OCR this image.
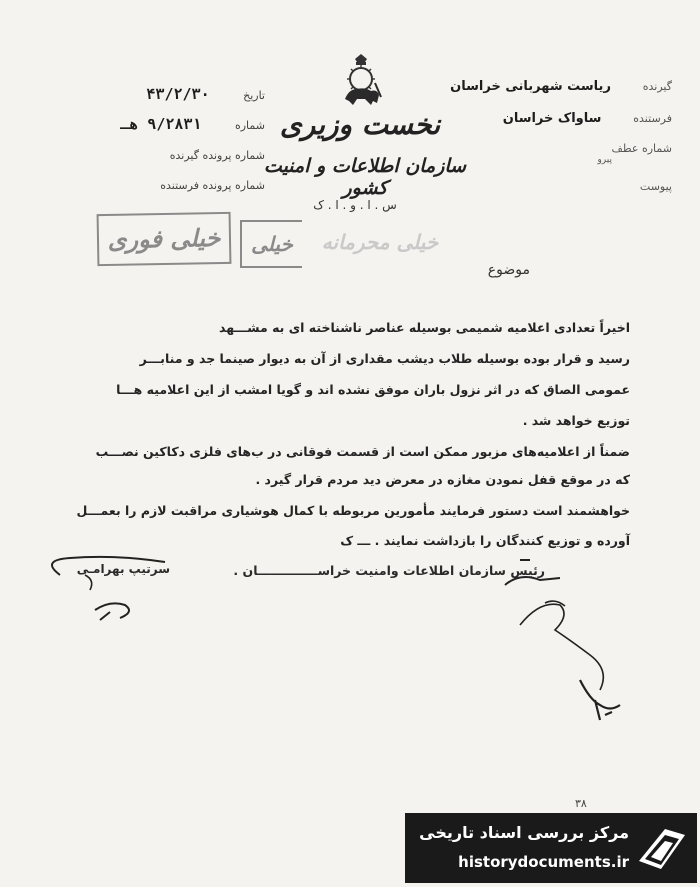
گیرنده ریاست شهربانی خراسان
فرستنده ساواک خراسان
شماره عطف
پیرو
پیوست
تاریخ ۴۳/۲/۳۰
شماره ۹/۲۸۳۱ هـ
شماره پرونده گیرنده
شماره پرونده فرستنده
نخست وزیری
سازمان اطلاعات و امنیت کشور
س . ا . و . ا . ک
خیلی فوری	خیلی	خیلی محرمانه
موضوع

اخیراً تعدادی اعلامیه شمیمی بوسیله عناصر ناشناخته ای به مشـــهد

رسید و قرار بوده بوسیله طلاب دیشب مقداری از آن به دیوار صینما جد و منابـــر

عمومی الصاق که در اثر نزول باران موفق نشده اند و گویا امشب از این اعلامیه هـــا

توزیع خواهد شد .

ضمناً از اعلامیه‌های مزبور ممکن است از قسمت فوقانی در ب‌های فلزی دکاکین نصـــب

که در موقع قفل نمودن مغازه در معرض دید مردم قرار گیرد .

خواهشمند است دستور فرمایند مأمورین مربوطه با کمال هوشیاری مراقبت لازم را بعمـــل

آورده و توزیع کنندگان را بازداشت نمایند . ـــ ک

رئیس سازمان اطلاعات وامنیت خراســــــــــــــان .
سرتیپ بهرامـی
۳۸
مرکز بررسی اسناد تاریخی
historydocuments.ir
